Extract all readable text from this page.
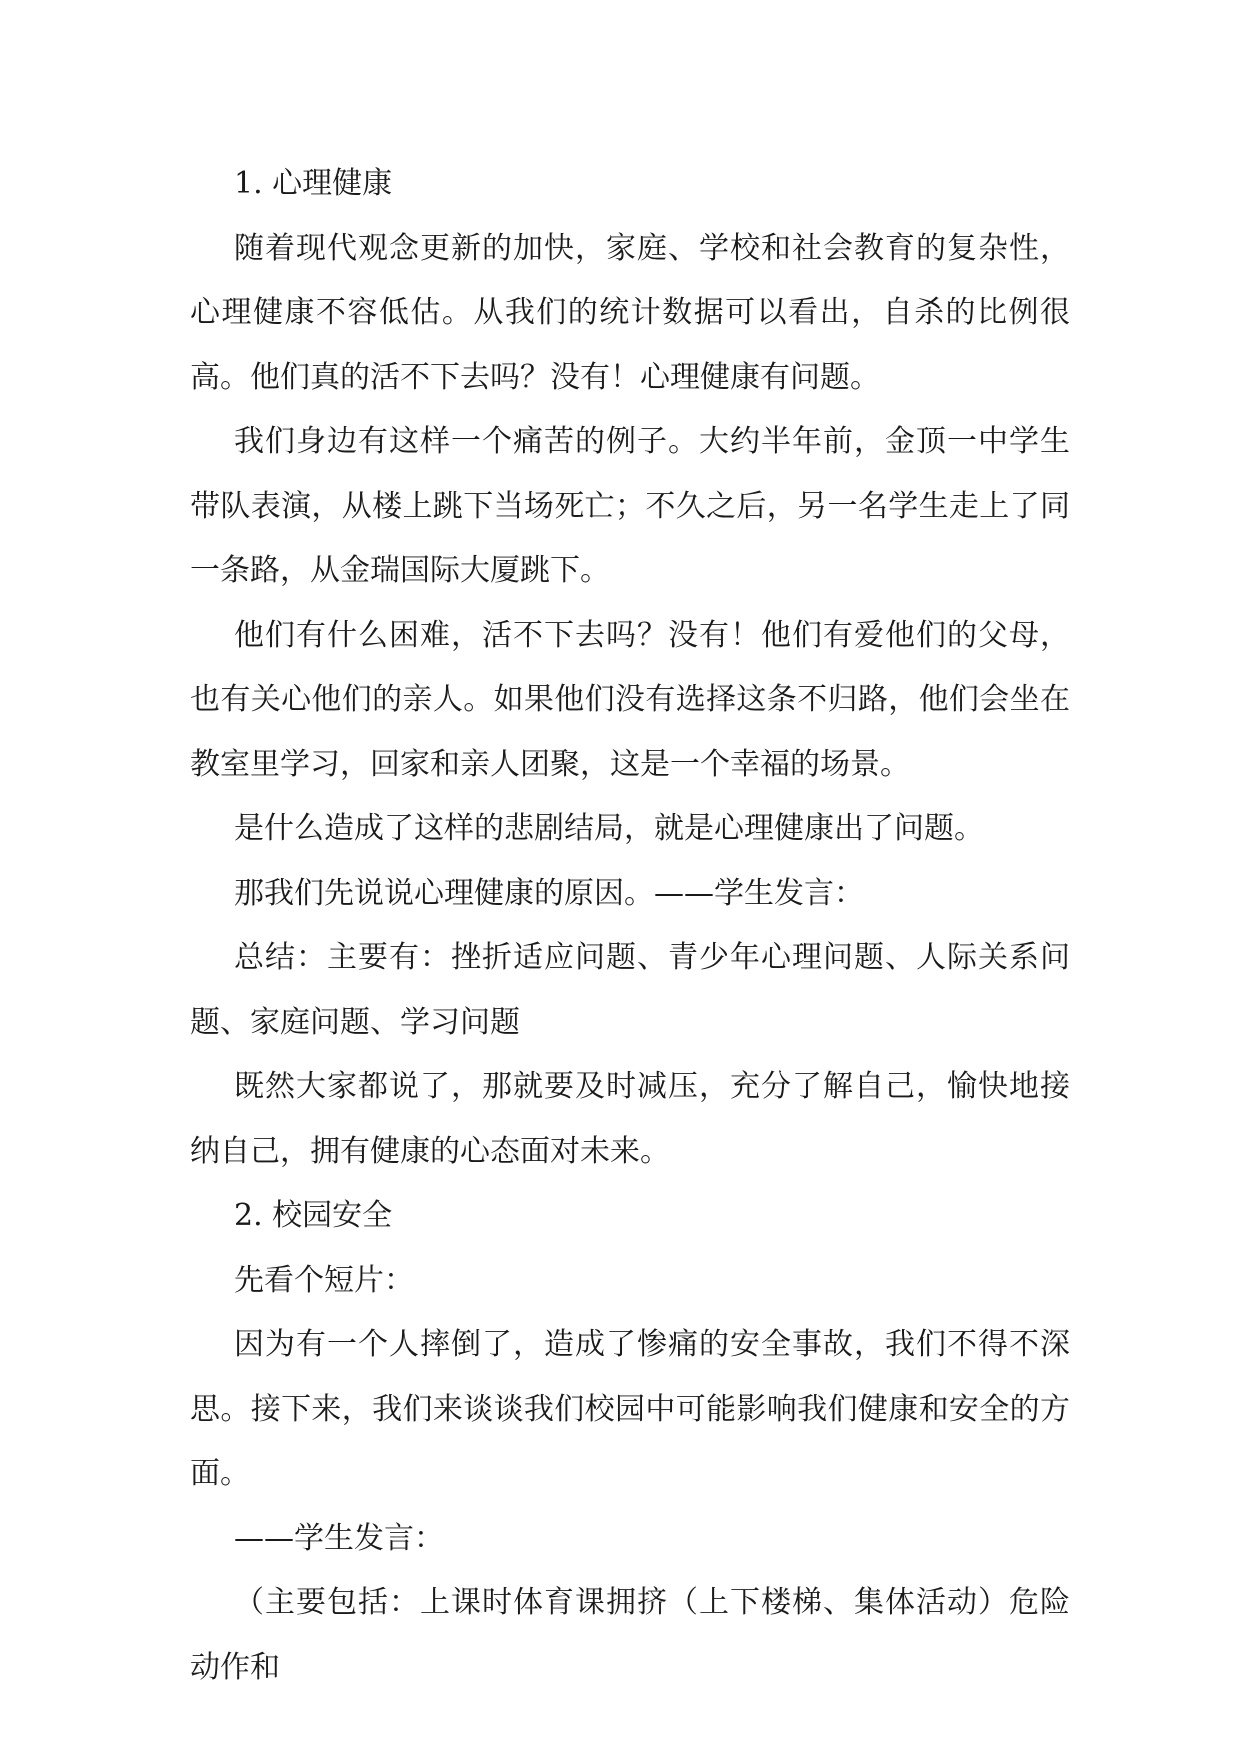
1. 心理健康

随着现代观念更新的加快，家庭、学校和社会教育的复杂性，心理健康不容低估。从我们的统计数据可以看出，自杀的比例很高。他们真的活不下去吗？没有！心理健康有问题。

我们身边有这样一个痛苦的例子。大约半年前，金顶一中学生带队表演，从楼上跳下当场死亡；不久之后，另一名学生走上了同一条路，从金瑞国际大厦跳下。

他们有什么困难，活不下去吗？没有！他们有爱他们的父母，也有关心他们的亲人。如果他们没有选择这条不归路，他们会坐在教室里学习，回家和亲人团聚，这是一个幸福的场景。

是什么造成了这样的悲剧结局，就是心理健康出了问题。

那我们先说说心理健康的原因。——学生发言：

总结：主要有：挫折适应问题、青少年心理问题、人际关系问题、家庭问题、学习问题

既然大家都说了，那就要及时减压，充分了解自己，愉快地接纳自己，拥有健康的心态面对未来。

2. 校园安全

先看个短片：

因为有一个人摔倒了，造成了惨痛的安全事故，我们不得不深思。接下来，我们来谈谈我们校园中可能影响我们健康和安全的方面。

——学生发言：

（主要包括：上课时体育课拥挤（上下楼梯、集体活动）危险动作和
